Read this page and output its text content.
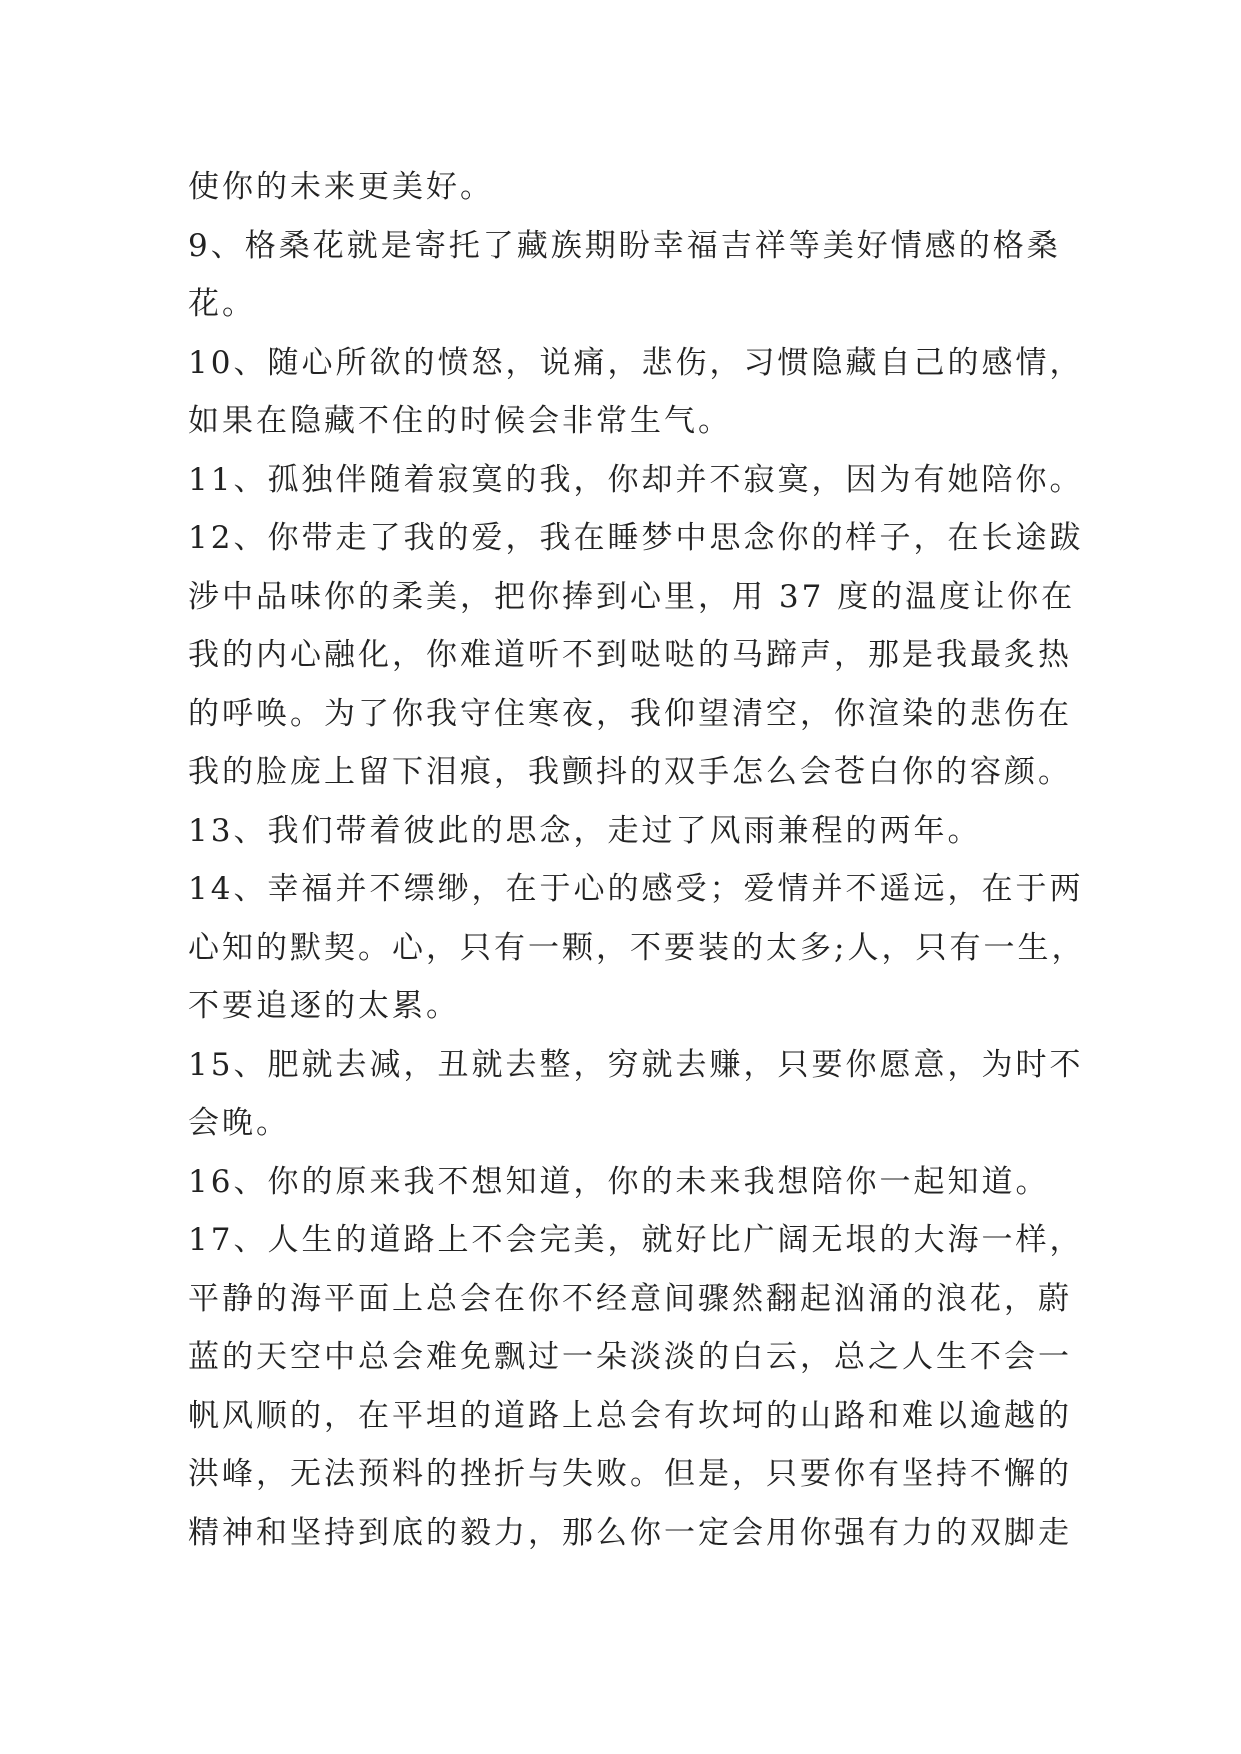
使你的未来更美好。
9、格桑花就是寄托了藏族期盼幸福吉祥等美好情感的格桑
花。
10、随心所欲的愤怒，说痛，悲伤，习惯隐藏自己的感情，
如果在隐藏不住的时候会非常生气。
11、孤独伴随着寂寞的我，你却并不寂寞，因为有她陪你。
12、你带走了我的爱，我在睡梦中思念你的样子，在长途跋
涉中品味你的柔美，把你捧到心里，用 37 度的温度让你在
我的内心融化，你难道听不到哒哒的马蹄声，那是我最炙热
的呼唤。为了你我守住寒夜，我仰望清空，你渲染的悲伤在
我的脸庞上留下泪痕，我颤抖的双手怎么会苍白你的容颜。
13、我们带着彼此的思念，走过了风雨兼程的两年。
14、幸福并不缥缈，在于心的感受；爱情并不遥远，在于两
心知的默契。心，只有一颗，不要装的太多;人，只有一生，
不要追逐的太累。
15、肥就去减，丑就去整，穷就去赚，只要你愿意，为时不
会晚。
16、你的原来我不想知道，你的未来我想陪你一起知道。
17、人生的道路上不会完美，就好比广阔无垠的大海一样，
平静的海平面上总会在你不经意间骤然翻起汹涌的浪花，蔚
蓝的天空中总会难免飘过一朵淡淡的白云，总之人生不会一
帆风顺的，在平坦的道路上总会有坎坷的山路和难以逾越的
洪峰，无法预料的挫折与失败。但是，只要你有坚持不懈的
精神和坚持到底的毅力，那么你一定会用你强有力的双脚走
